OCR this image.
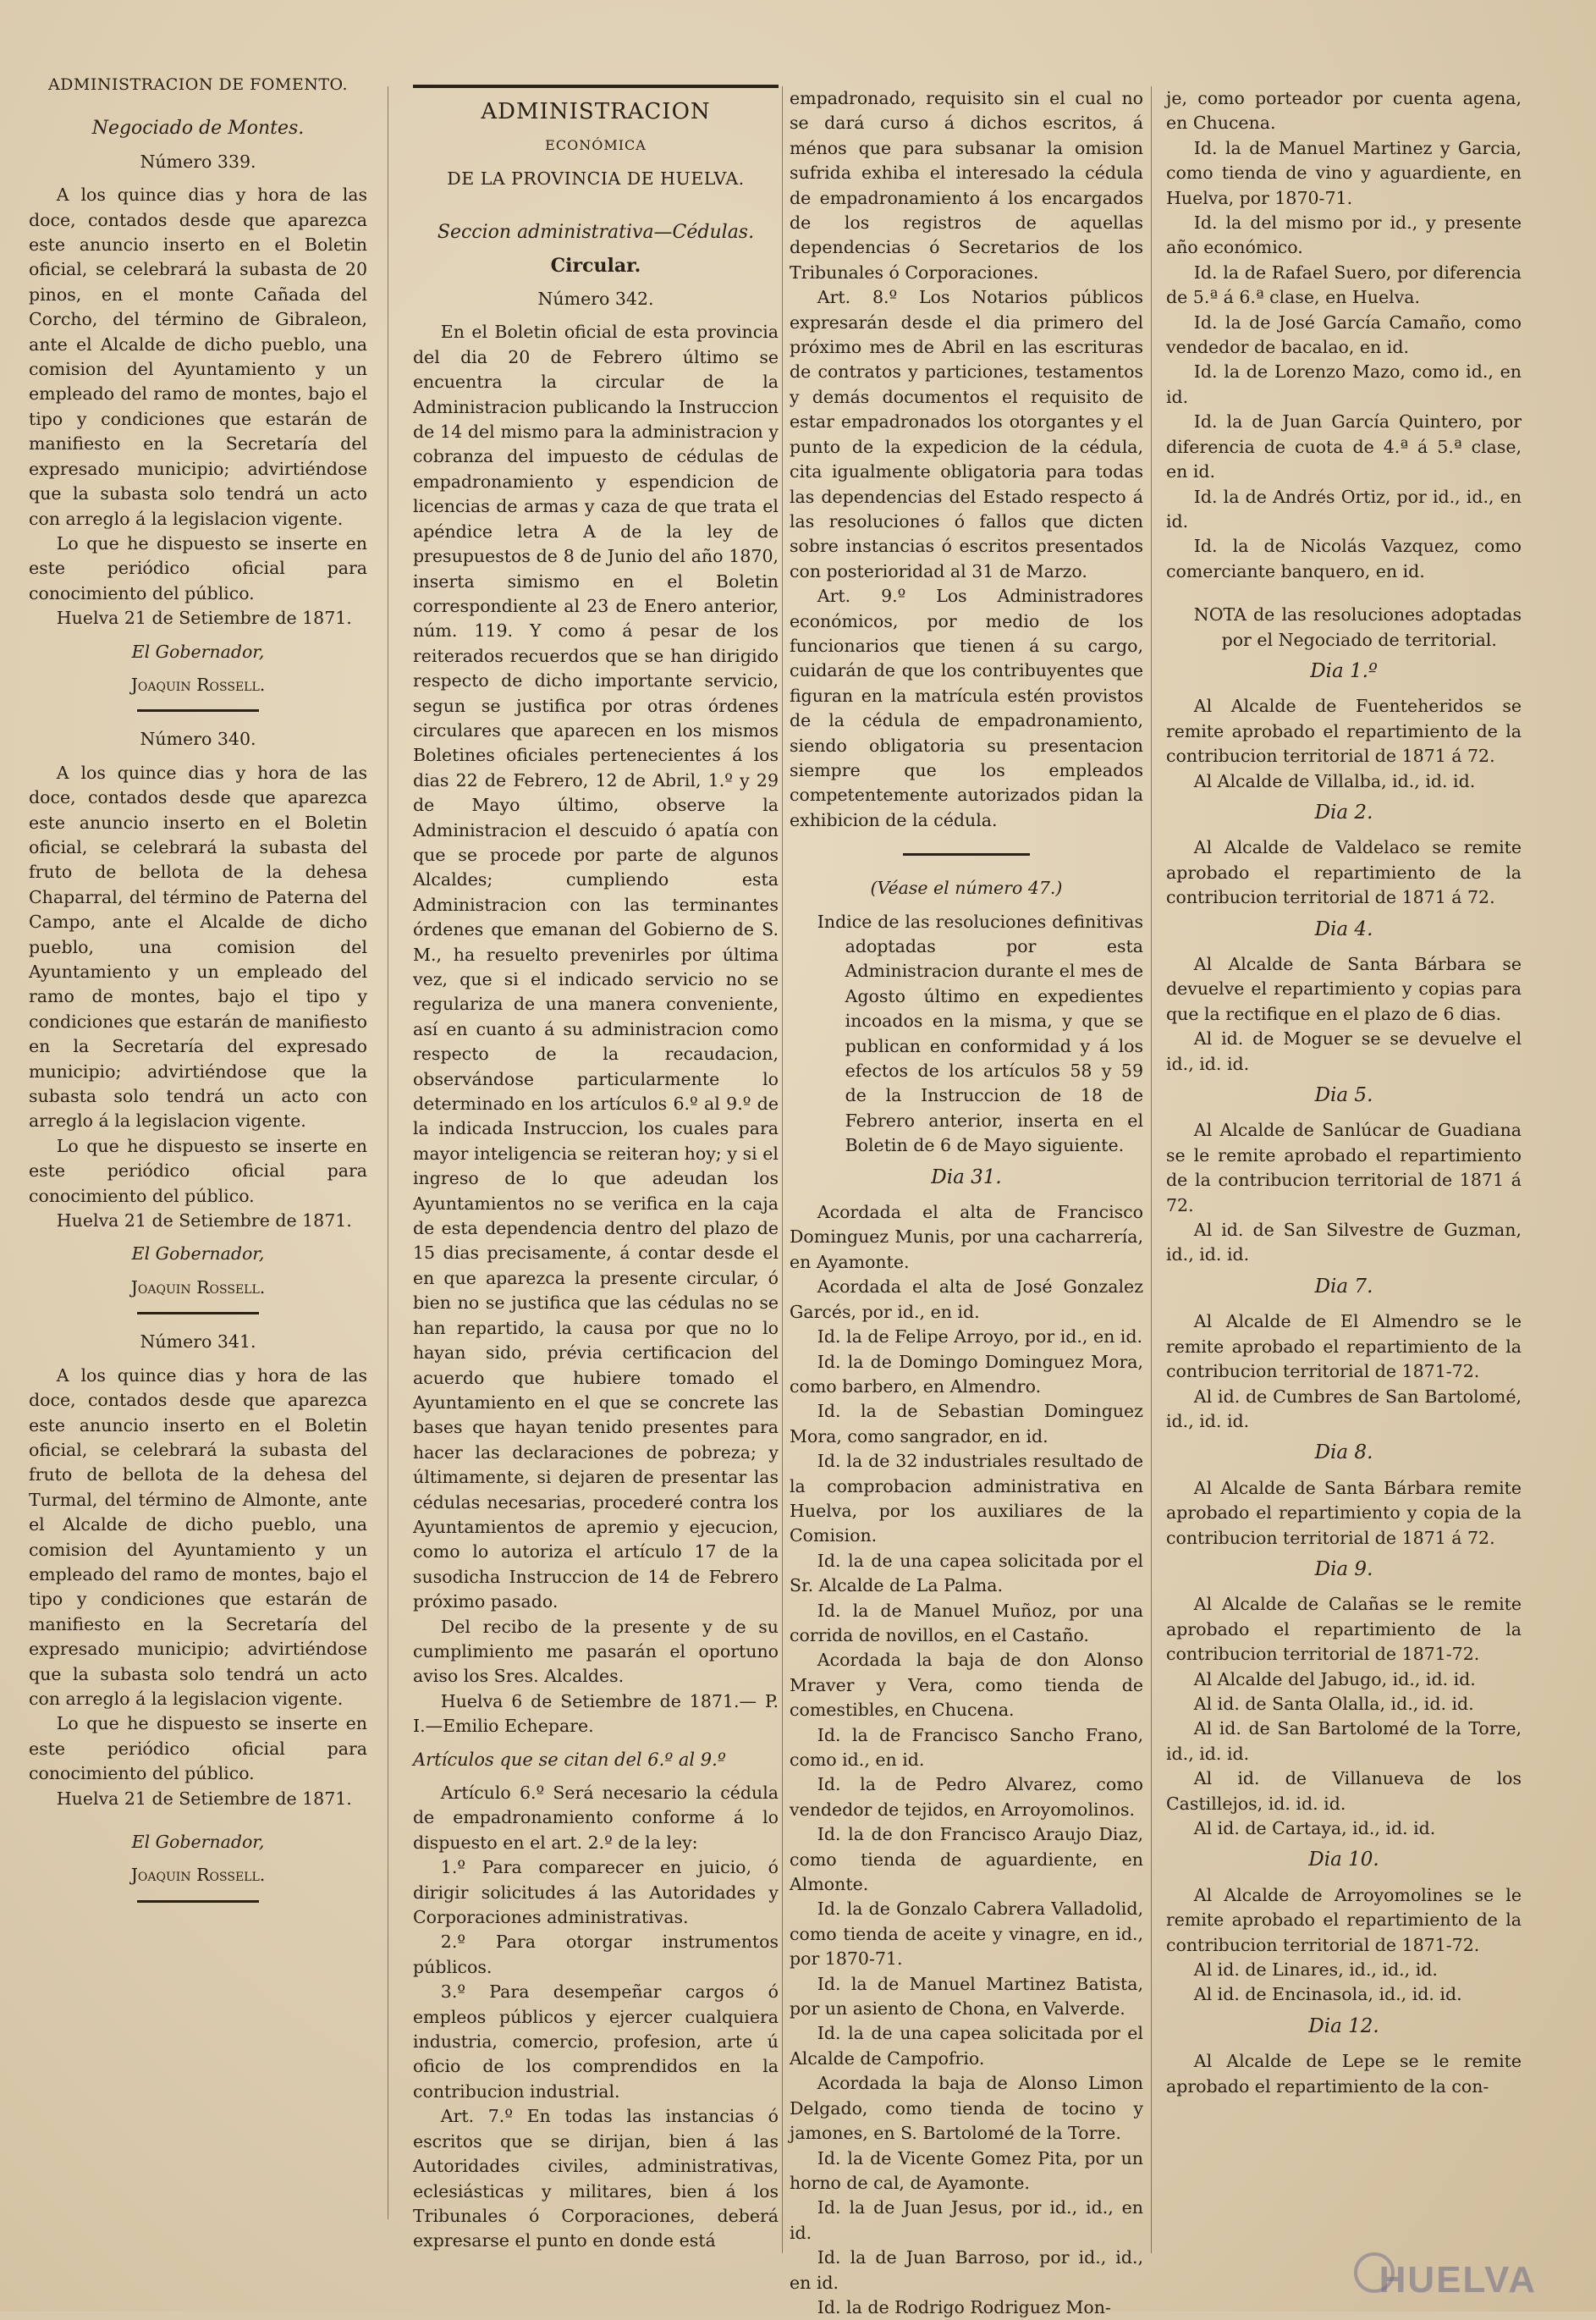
ADMINISTRACION DE FOMENTO.

Negociado de Montes.

Número 339.

A los quince dias y hora de las doce, contados desde que aparezca este anuncio inserto en el Boletin oficial, se celebrará la subasta de 20 pinos, en el monte Cañada del Corcho, del término de Gibraleon, ante el Alcalde de dicho pueblo, una comision del Ayuntamiento y un empleado del ramo de montes, bajo el tipo y condiciones que estarán de manifiesto en la Secretaría del expresado municipio; advirtiéndose que la subasta solo tendrá un acto con arreglo á la legislacion vigente.

Lo que he dispuesto se inserte en este periódico oficial para conocimiento del público.

Huelva 21 de Setiembre de 1871.

El Gobernador,

Joaquin Rossell.

Número 340.

A los quince dias y hora de las doce, contados desde que aparezca este anuncio inserto en el Boletin oficial, se celebrará la subasta del fruto de bellota de la dehesa Chaparral, del término de Paterna del Campo, ante el Alcalde de dicho pueblo, una comision del Ayuntamiento y un empleado del ramo de montes, bajo el tipo y condiciones que estarán de manifiesto en la Secretaría del expresado municipio; advirtiéndose que la subasta solo tendrá un acto con arreglo á la legislacion vigente.

Lo que he dispuesto se inserte en este periódico oficial para conocimiento del público.

Huelva 21 de Setiembre de 1871.

El Gobernador,

Joaquin Rossell.

Número 341.

A los quince dias y hora de las doce, contados desde que aparezca este anuncio inserto en el Boletin oficial, se celebrará la subasta del fruto de bellota de la dehesa del Turmal, del término de Almonte, ante el Alcalde de dicho pueblo, una comision del Ayuntamiento y un empleado del ramo de montes, bajo el tipo y condiciones que estarán de manifiesto en la Secretaría del expresado municipio; advirtiéndose que la subasta solo tendrá un acto con arreglo á la legislacion vigente.

Lo que he dispuesto se inserte en este periódico oficial para conocimiento del público.

Huelva 21 de Setiembre de 1871.

El Gobernador,

Joaquin Rossell.

ADMINISTRACION

ECONÓMICA

DE LA PROVINCIA DE HUELVA.

Seccion administrativa—Cédulas.

Circular.

Número 342.

En el Boletin oficial de esta provincia del dia 20 de Febrero último se encuentra la circular de la Administracion publicando la Instruccion de 14 del mismo para la administracion y cobranza del impuesto de cédulas de empadronamiento y espendicion de licencias de armas y caza de que trata el apéndice letra A de la ley de presupuestos de 8 de Junio del año 1870, inserta simismo en el Boletin correspondiente al 23 de Enero anterior, núm. 119. Y como á pesar de los reiterados recuerdos que se han dirigido respecto de dicho importante servicio, segun se justifica por otras órdenes circulares que aparecen en los mismos Boletines oficiales pertenecientes á los dias 22 de Febrero, 12 de Abril, 1.º y 29 de Mayo último, observe la Administracion el descuido ó apatía con que se procede por parte de algunos Alcaldes; cumpliendo esta Administracion con las terminantes órdenes que emanan del Gobierno de S. M., ha resuelto prevenirles por última vez, que si el indicado servicio no se regulariza de una manera conveniente, así en cuanto á su administracion como respecto de la recaudacion, observándose particularmente lo determinado en los artículos 6.º al 9.º de la indicada Instruccion, los cuales para mayor inteligencia se reiteran hoy; y si el ingreso de lo que adeudan los Ayuntamientos no se verifica en la caja de esta dependencia dentro del plazo de 15 dias precisamente, á contar desde el en que aparezca la presente circular, ó bien no se justifica que las cédulas no se han repartido, la causa por que no lo hayan sido, prévia certificacion del acuerdo que hubiere tomado el Ayuntamiento en el que se concrete las bases que hayan tenido presentes para hacer las declaraciones de pobreza; y últimamente, si dejaren de presentar las cédulas necesarias, procederé contra los Ayuntamientos de apremio y ejecucion, como lo autoriza el artículo 17 de la susodicha Instruccion de 14 de Febrero próximo pasado.

Del recibo de la presente y de su cumplimiento me pasarán el oportuno aviso los Sres. Alcaldes.

Huelva 6 de Setiembre de 1871.— P. I.—Emilio Echepare.

Artículos que se citan del 6.º al 9.º

Artículo 6.º Será necesario la cédula de empadronamiento conforme á lo dispuesto en el art. 2.º de la ley:

1.º Para comparecer en juicio, ó dirigir solicitudes á las Autoridades y Corporaciones administrativas.

2.º Para otorgar instrumentos públicos.

3.º Para desempeñar cargos ó empleos públicos y ejercer cualquiera industria, comercio, profesion, arte ú oficio de los comprendidos en la contribucion industrial.

Art. 7.º En todas las instancias ó escritos que se dirijan, bien á las Autoridades civiles, administrativas, eclesiásticas y militares, bien á los Tribunales ó Corporaciones, deberá expresarse el punto en donde está

empadronado, requisito sin el cual no se dará curso á dichos escritos, á ménos que para subsanar la omision sufrida exhiba el interesado la cédula de empadronamiento á los encargados de los registros de aquellas dependencias ó Secretarios de los Tribunales ó Corporaciones.

Art. 8.º Los Notarios públicos expresarán desde el dia primero del próximo mes de Abril en las escrituras de contratos y particiones, testamentos y demás documentos el requisito de estar empadronados los otorgantes y el punto de la expedicion de la cédula, cita igualmente obligatoria para todas las dependencias del Estado respecto á las resoluciones ó fallos que dicten sobre instancias ó escritos presentados con posterioridad al 31 de Marzo.

Art. 9.º Los Administradores económicos, por medio de los funcionarios que tienen á su cargo, cuidarán de que los contribuyentes que figuran en la matrícula estén provistos de la cédula de empadronamiento, siendo obligatoria su presentacion siempre que los empleados competentemente autorizados pidan la exhibicion de la cédula.

(Véase el número 47.)

Indice de las resoluciones definitivas adoptadas por esta Administracion durante el mes de Agosto último en expedientes incoados en la misma, y que se publican en conformidad y á los efectos de los artículos 58 y 59 de la Instruccion de 18 de Febrero anterior, inserta en el Boletin de 6 de Mayo siguiente.

Dia 31.

Acordada el alta de Francisco Dominguez Munis, por una cacharrería, en Ayamonte.

Acordada el alta de José Gonzalez Garcés, por id., en id.

Id. la de Felipe Arroyo, por id., en id.

Id. la de Domingo Dominguez Mora, como barbero, en Almendro.

Id. la de Sebastian Dominguez Mora, como sangrador, en id.

Id. la de 32 industriales resultado de la comprobacion administrativa en Huelva, por los auxiliares de la Comision.

Id. la de una capea solicitada por el Sr. Alcalde de La Palma.

Id. la de Manuel Muñoz, por una corrida de novillos, en el Castaño.

Acordada la baja de don Alonso Mraver y Vera, como tienda de comestibles, en Chucena.

Id. la de Francisco Sancho Frano, como id., en id.

Id. la de Pedro Alvarez, como vendedor de tejidos, en Arroyomolinos.

Id. la de don Francisco Araujo Diaz, como tienda de aguardiente, en Almonte.

Id. la de Gonzalo Cabrera Valladolid, como tienda de aceite y vinagre, en id., por 1870-71.

Id. la de Manuel Martinez Batista, por un asiento de Chona, en Valverde.

Id. la de una capea solicitada por el Alcalde de Campofrio.

Acordada la baja de Alonso Limon Delgado, como tienda de tocino y jamones, en S. Bartolomé de la Torre.

Id. la de Vicente Gomez Pita, por un horno de cal, de Ayamonte.

Id. la de Juan Jesus, por id., id., en id.

Id. la de Juan Barroso, por id., id., en id.

Id. la de Rodrigo Rodriguez Mon-

je, como porteador por cuenta agena, en Chucena.

Id. la de Manuel Martinez y Garcia, como tienda de vino y aguardiente, en Huelva, por 1870-71.

Id. la del mismo por id., y presente año económico.

Id. la de Rafael Suero, por diferencia de 5.ª á 6.ª clase, en Huelva.

Id. la de José García Camaño, como vendedor de bacalao, en id.

Id. la de Lorenzo Mazo, como id., en id.

Id. la de Juan García Quintero, por diferencia de cuota de 4.ª á 5.ª clase, en id.

Id. la de Andrés Ortiz, por id., id., en id.

Id. la de Nicolás Vazquez, como comerciante banquero, en id.

NOTA de las resoluciones adoptadas por el Negociado de territorial.

Dia 1.º

Al Alcalde de Fuenteheridos se remite aprobado el repartimiento de la contribucion territorial de 1871 á 72.

Al Alcalde de Villalba, id., id. id.

Dia 2.

Al Alcalde de Valdelaco se remite aprobado el repartimiento de la contribucion territorial de 1871 á 72.

Dia 4.

Al Alcalde de Santa Bárbara se devuelve el repartimiento y copias para que la rectifique en el plazo de 6 dias.

Al id. de Moguer se se devuelve el id., id. id.

Dia 5.

Al Alcalde de Sanlúcar de Guadiana se le remite aprobado el repartimiento de la contribucion territorial de 1871 á 72.

Al id. de San Silvestre de Guzman, id., id. id.

Dia 7.

Al Alcalde de El Almendro se le remite aprobado el repartimiento de la contribucion territorial de 1871-72.

Al id. de Cumbres de San Bartolomé, id., id. id.

Dia 8.

Al Alcalde de Santa Bárbara remite aprobado el repartimiento y copia de la contribucion territorial de 1871 á 72.

Dia 9.

Al Alcalde de Calañas se le remite aprobado el repartimiento de la contribucion territorial de 1871-72.

Al Alcalde del Jabugo, id., id. id.

Al id. de Santa Olalla, id., id. id.

Al id. de San Bartolomé de la Torre, id., id. id.

Al id. de Villanueva de los Castillejos, id. id. id.

Al id. de Cartaya, id., id. id.

Dia 10.

Al Alcalde de Arroyomolines se le remite aprobado el repartimiento de la contribucion territorial de 1871-72.

Al id. de Linares, id., id., id.

Al id. de Encinasola, id., id. id.

Dia 12.

Al Alcalde de Lepe se le remite aprobado el repartimiento de la con-

HUELVA
